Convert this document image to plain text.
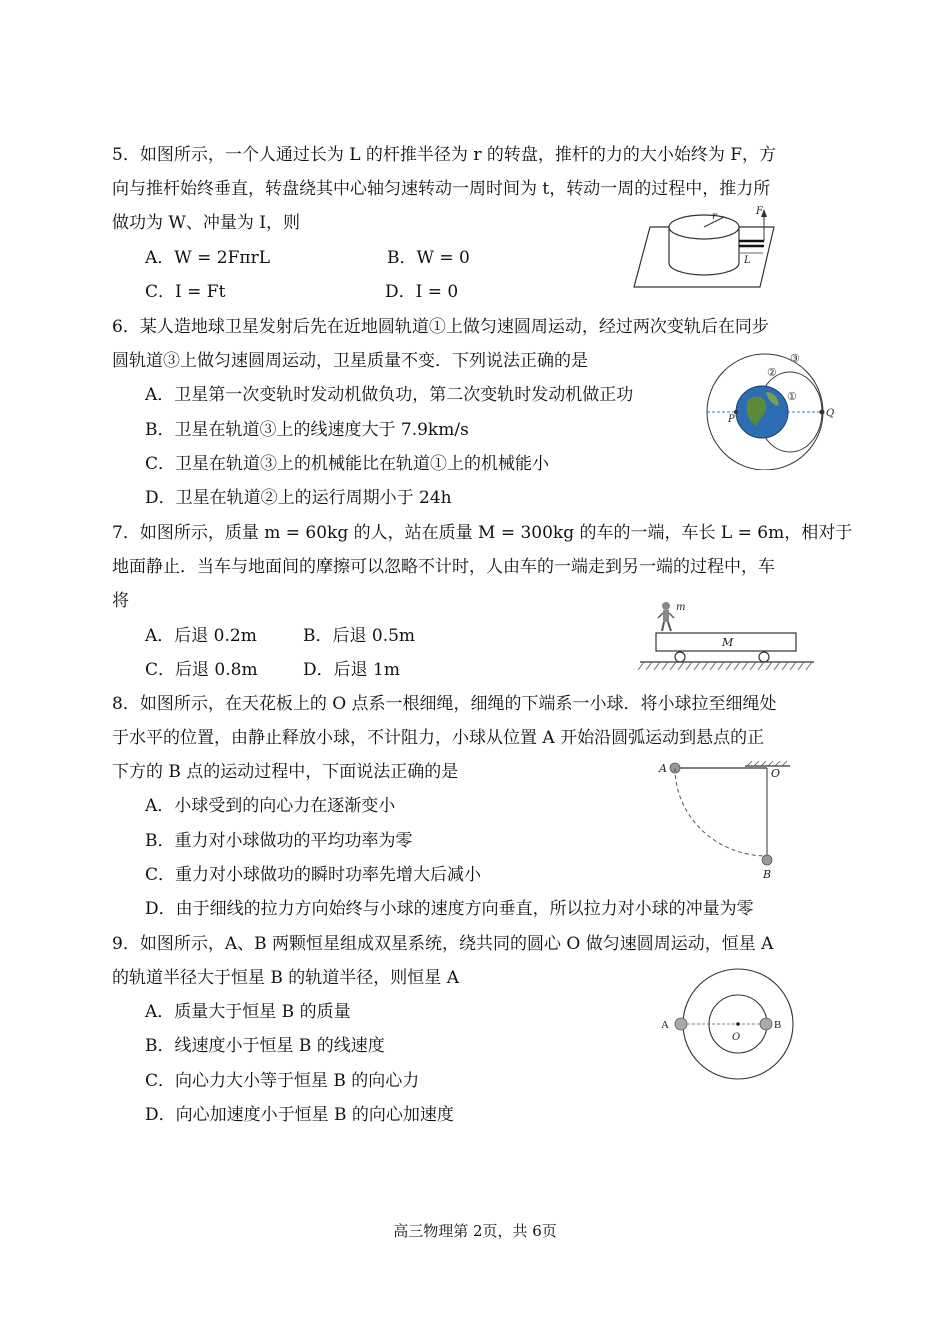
5．如图所示，一个人通过长为 L 的杆推半径为 r 的转盘，推杆的力的大小始终为 F，方
向与推杆始终垂直，转盘绕其中心轴匀速转动一周时间为 t，转动一周的过程中，推力所
做功为 W、冲量为 I，则
A．W = 2FπrL	B．W = 0
C．I = Ft	D．I = 0
r	F
L
6．某人造地球卫星发射后先在近地圆轨道①上做匀速圆周运动，经过两次变轨后在同步
圆轨道③上做匀速圆周运动，卫星质量不变．下列说法正确的是
A．卫星第一次变轨时发动机做负功，第二次变轨时发动机做正功
B．卫星在轨道③上的线速度大于 7.9km/s
C．卫星在轨道③上的机械能比在轨道①上的机械能小
D．卫星在轨道②上的运行周期小于 24h
P
Q
①
②
③
7．如图所示，质量 m = 60kg 的人，站在质量 M = 300kg 的车的一端，车长 L = 6m，相对于
地面静止．当车与地面间的摩擦可以忽略不计时，人由车的一端走到另一端的过程中，车
将
A．后退 0.2m	B．后退 0.5m
C．后退 0.8m	D．后退 1m
m
M
8．如图所示，在天花板上的 O 点系一根细绳，细绳的下端系一小球．将小球拉至细绳处
于水平的位置，由静止释放小球，不计阻力，小球从位置 A 开始沿圆弧运动到悬点的正
下方的 B 点的运动过程中，下面说法正确的是
A．小球受到的向心力在逐渐变小
B．重力对小球做功的平均功率为零
C．重力对小球做功的瞬时功率先增大后减小
D．由于细线的拉力方向始终与小球的速度方向垂直，所以拉力对小球的冲量为零
A	O
B
9．如图所示，A、B 两颗恒星组成双星系统，绕共同的圆心 O 做匀速圆周运动，恒星 A
的轨道半径大于恒星 B 的轨道半径，则恒星 A
A．质量大于恒星 B 的质量
B．线速度小于恒星 B 的线速度
C．向心力大小等于恒星 B 的向心力
D．向心加速度小于恒星 B 的向心加速度
A	B
O
高三物理第 2页，共 6页
